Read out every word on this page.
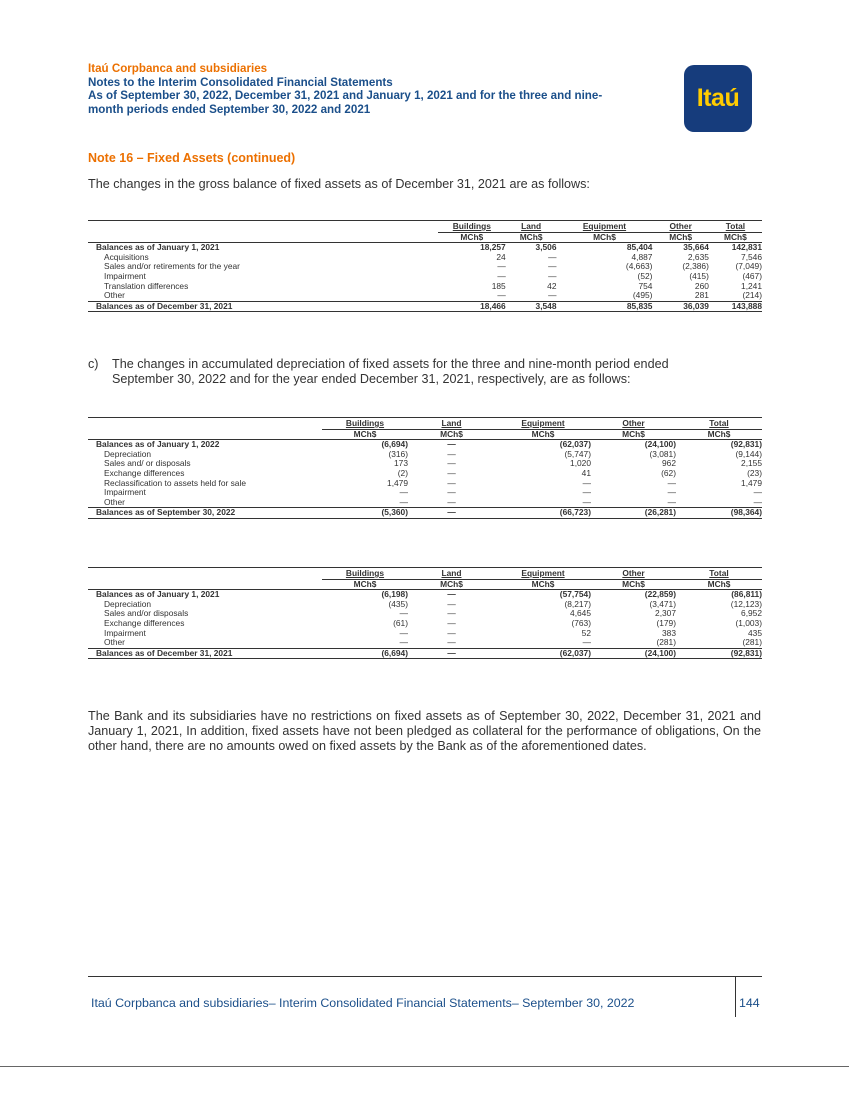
Itaú Corpbanca and subsidiaries
Notes to the Interim Consolidated Financial Statements
As of September 30, 2022, December 31, 2021 and January 1, 2021 and for the three and nine-
month periods ended September 30, 2022 and 2021	Itaú
Note 16 – Fixed Assets (continued)
The changes in the gross balance of fixed assets as of December 31, 2021 are as follows:
	Buildings	Land	Equipment	Other	Total
	MCh$	MCh$	MCh$	MCh$	MCh$
Balances as of January 1, 2021	18,257	3,506	85,404	35,664	142,831
Acquisitions	24	—	4,887	2,635	7,546
Sales and/or retirements for the year	—	—	(4,663)	(2,386)	(7,049)
Impairment	—	—	(52)	(415)	(467)
Translation differences	185	42	754	260	1,241
Other	—	—	(495)	281	(214)
Balances as of December 31, 2021	18,466	3,548	85,835	36,039	143,888
c)	The changes in accumulated depreciation of fixed assets for the three and nine-month period ended
September 30, 2022 and for the year ended December 31, 2021, respectively, are as follows:
	Buildings	Land	Equipment	Other	Total
	MCh$	MCh$	MCh$	MCh$	MCh$
Balances as of January 1, 2022	(6,694)	—	(62,037)	(24,100)	(92,831)
Depreciation	(316)	—	(5,747)	(3,081)	(9,144)
Sales and/ or disposals	173	—	1,020	962	2,155
Exchange differences	(2)	—	41	(62)	(23)
Reclassification to assets held for sale	1,479	—	—	—	1,479
Impairment	—	—	—	—	—
Other	—	—	—	—	—
Balances as of September 30, 2022	(5,360)	—	(66,723)	(26,281)	(98,364)
	Buildings	Land	Equipment	Other	Total
	MCh$	MCh$	MCh$	MCh$	MCh$
Balances as of January 1, 2021	(6,198)	—	(57,754)	(22,859)	(86,811)
Depreciation	(435)	—	(8,217)	(3,471)	(12,123)
Sales and/or disposals	—	—	4,645	2,307	6,952
Exchange differences	(61)	—	(763)	(179)	(1,003)
Impairment	—	—	52	383	435
Other	—	—	—	(281)	(281)
Balances as of December 31, 2021	(6,694)	—	(62,037)	(24,100)	(92,831)
The Bank and its subsidiaries have no restrictions on fixed assets as of September 30, 2022, December 31, 2021 and January 1, 2021, In addition, fixed assets have not been pledged as collateral for the performance of obligations, On the other hand, there are no amounts owed on fixed assets by the Bank as of the aforementioned dates.
Itaú Corpbanca and subsidiaries– Interim Consolidated Financial Statements– September 30, 2022	144
